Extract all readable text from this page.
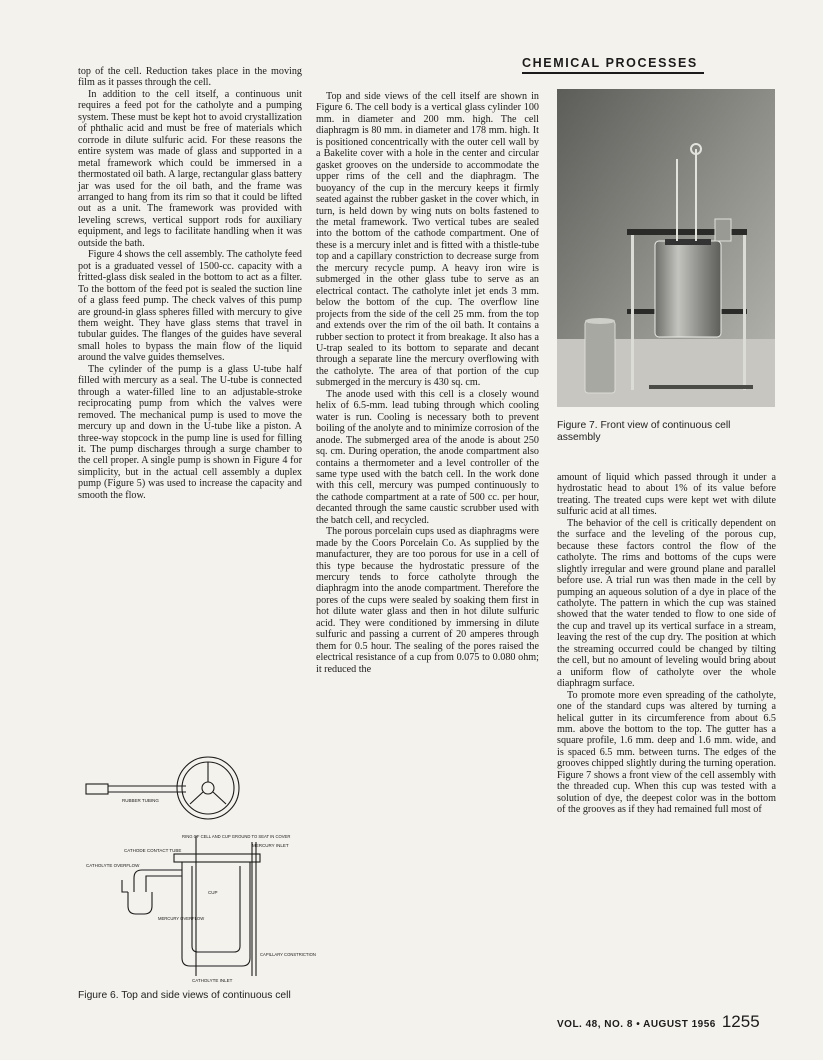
CHEMICAL PROCESSES

top of the cell. Reduction takes place in the moving film as it passes through the cell.

In addition to the cell itself, a continuous unit requires a feed pot for the catholyte and a pumping system. These must be kept hot to avoid crystallization of phthalic acid and must be free of materials which corrode in dilute sulfuric acid. For these reasons the entire system was made of glass and supported in a metal framework which could be immersed in a thermostated oil bath. A large, rectangular glass battery jar was used for the oil bath, and the frame was arranged to hang from its rim so that it could be lifted out as a unit. The framework was provided with leveling screws, vertical support rods for auxiliary equipment, and legs to facilitate handling when it was outside the bath.

Figure 4 shows the cell assembly. The catholyte feed pot is a graduated vessel of 1500-cc. capacity with a fritted-glass disk sealed in the bottom to act as a filter. To the bottom of the feed pot is sealed the suction line of a glass feed pump. The check valves of this pump are ground-in glass spheres filled with mercury to give them weight. They have glass stems that travel in tubular guides. The flanges of the guides have several small holes to bypass the main flow of the liquid around the valve guides themselves.

The cylinder of the pump is a glass U-tube half filled with mercury as a seal. The U-tube is connected through a water-filled line to an adjustable-stroke reciprocating pump from which the valves were removed. The mechanical pump is used to move the mercury up and down in the U-tube like a piston. A three-way stopcock in the pump line is used for filling it. The pump discharges through a surge chamber to the cell proper. A single pump is shown in Figure 4 for simplicity, but in the actual cell assembly a duplex pump (Figure 5) was used to increase the capacity and smooth the flow.

Top and side views of the cell itself are shown in Figure 6. The cell body is a vertical glass cylinder 100 mm. in diameter and 200 mm. high. The cell diaphragm is 80 mm. in diameter and 178 mm. high. It is positioned concentrically with the outer cell wall by a Bakelite cover with a hole in the center and circular gasket grooves on the underside to accommodate the upper rims of the cell and the diaphragm. The buoyancy of the cup in the mercury keeps it firmly seated against the rubber gasket in the cover which, in turn, is held down by wing nuts on bolts fastened to the metal framework. Two vertical tubes are sealed into the bottom of the cathode compartment. One of these is a mercury inlet and is fitted with a thistle-tube top and a capillary constriction to decrease surge from the mercury recycle pump. A heavy iron wire is submerged in the other glass tube to serve as an electrical contact. The catholyte inlet jet ends 3 mm. below the bottom of the cup. The overflow line projects from the side of the cell 25 mm. from the top and extends over the rim of the oil bath. It contains a rubber section to protect it from breakage. It also has a U-trap sealed to its bottom to separate and decant through a separate line the mercury overflowing with the catholyte. The area of that portion of the cup submerged in the mercury is 430 sq. cm.

The anode used with this cell is a closely wound helix of 6.5-mm. lead tubing through which cooling water is run. Cooling is necessary both to prevent boiling of the anolyte and to minimize corrosion of the anode. The submerged area of the anode is about 250 sq. cm. During operation, the anode compartment also contains a thermometer and a level controller of the same type used with the batch cell. In the work done with this cell, mercury was pumped continuously to the cathode compartment at a rate of 500 cc. per hour, decanted through the same caustic scrubber used with the batch cell, and recycled.

The porous porcelain cups used as diaphragms were made by the Coors Porcelain Co. As supplied by the manufacturer, they are too porous for use in a cell of this type because the hydrostatic pressure of the mercury tends to force catholyte through the diaphragm into the anode compartment. Therefore the pores of the cups were sealed by soaking them first in hot dilute water glass and then in hot dilute sulfuric acid. They were conditioned by immersing in dilute sulfuric and passing a current of 20 amperes through them for 0.5 hour. The sealing of the pores raised the electrical resistance of a cup from 0.075 to 0.080 ohm; it reduced the

Figure 7. Front view of continuous cell assembly
RUBBER TUBING
RING OF CELL AND CUP GROUND TO SEAT IN COVER
MERCURY INLET
CATHODE CONTACT TUBE
CATHOLYTE OVERFLOW
CUP
MERCURY OVERFLOW
CAPILLARY CONSTRICTION
CATHOLYTE INLET
Figure 6. Top and side views of continuous cell

amount of liquid which passed through it under a hydrostatic head to about 1% of its value before treating. The treated cups were kept wet with dilute sulfuric acid at all times.

The behavior of the cell is critically dependent on the surface and the leveling of the porous cup, because these factors control the flow of the catholyte. The rims and bottoms of the cups were slightly irregular and were ground plane and parallel before use. A trial run was then made in the cell by pumping an aqueous solution of a dye in place of the catholyte. The pattern in which the cup was stained showed that the water tended to flow to one side of the cup and travel up its vertical surface in a stream, leaving the rest of the cup dry. The position at which the streaming occurred could be changed by tilting the cell, but no amount of leveling would bring about a uniform flow of catholyte over the whole diaphragm surface.

To promote more even spreading of the catholyte, one of the standard cups was altered by turning a helical gutter in its circumference from about 6.5 mm. above the bottom to the top. The gutter has a square profile, 1.6 mm. deep and 1.6 mm. wide, and is spaced 6.5 mm. between turns. The edges of the grooves chipped slightly during the turning operation. Figure 7 shows a front view of the cell assembly with the threaded cup. When this cup was tested with a solution of dye, the deepest color was in the bottom of the grooves as if they had remained full most of

VOL. 48, NO. 8 • AUGUST 1956 1255
